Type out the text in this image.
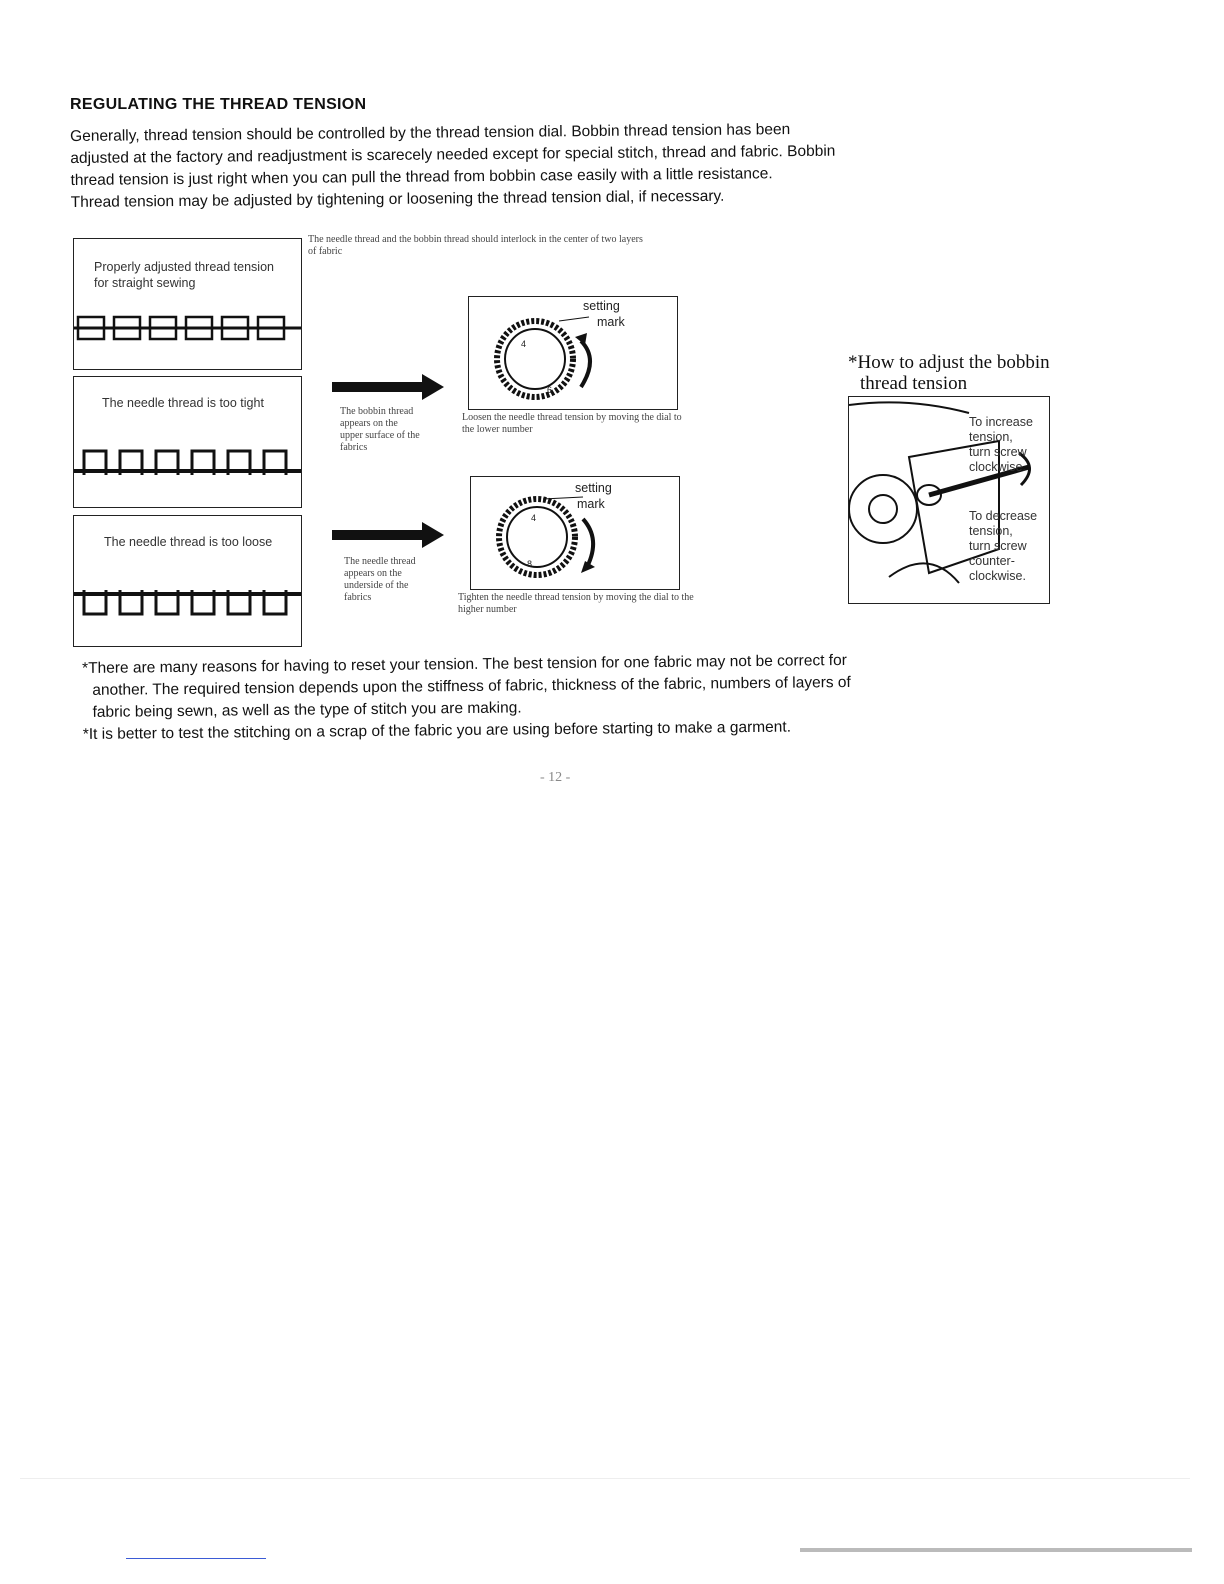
REGULATING THE THREAD TENSION

Generally, thread tension should be controlled by the thread tension dial. Bobbin thread tension has been

adjusted at the factory and readjustment is scarecely needed except for special stitch, thread and fabric. Bobbin

thread tension is just right when you can pull the thread from bobbin case easily with a little resistance.

Thread tension may be adjusted by tightening or loosening the thread tension dial, if necessary.

Properly adjusted thread tension for straight sewing
The needle thread and the bobbin thread should interlock in the center of two layers of fabric
The needle thread is too tight
The bobbin thread appears on the upper surface of the fabrics
The needle thread is too loose
The needle thread appears on the underside of the fabrics
4
6
setting
mark
Loosen the needle thread tension by moving the dial to the lower number
4
8
setting
mark
Tighten the needle thread tension by moving the dial to the higher number
*How to adjust the bobbin
thread tension
To increase tension,
turn screw clockwise.
To decrease tension,
turn screw counter-
clockwise.

*There are many reasons for having to reset your tension. The best tension for one fabric may not be correct for

another. The required tension depends upon the stiffness of fabric, thickness of the fabric, numbers of layers of

fabric being sewn, as well as the type of stitch you are making.

*It is better to test the stitching on a scrap of the fabric you are using before starting to make a garment.

- 12 -
